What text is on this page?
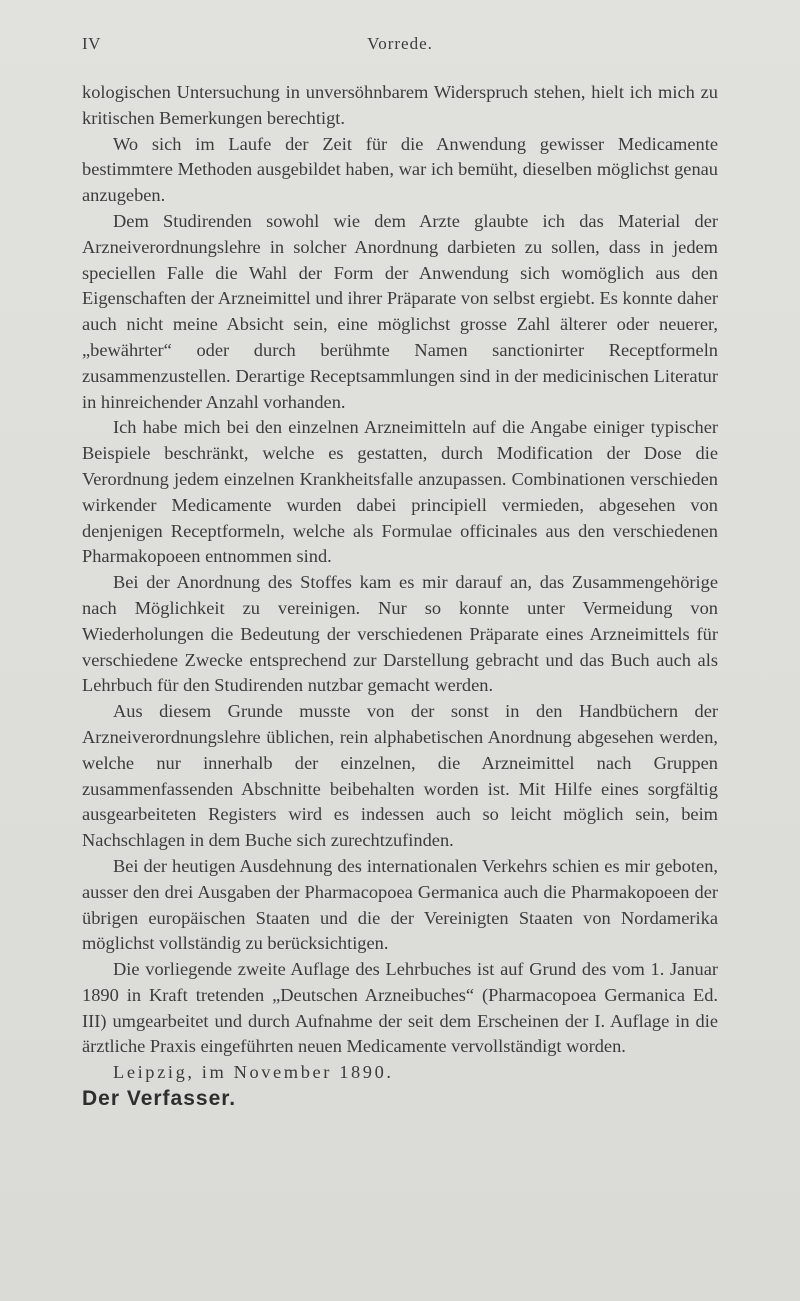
IV	Vorrede.

kologischen Untersuchung in unversöhnbarem Widerspruch stehen, hielt ich mich zu kritischen Bemerkungen berechtigt.

Wo sich im Laufe der Zeit für die Anwendung gewisser Medicamente bestimmtere Methoden ausgebildet haben, war ich bemüht, dieselben möglichst genau anzugeben.

Dem Studirenden sowohl wie dem Arzte glaubte ich das Material der Arzneiverordnungslehre in solcher Anordnung darbieten zu sollen, dass in jedem speciellen Falle die Wahl der Form der Anwendung sich womöglich aus den Eigenschaften der Arzneimittel und ihrer Präparate von selbst ergiebt. Es konnte daher auch nicht meine Absicht sein, eine möglichst grosse Zahl älterer oder neuerer, „bewährter“ oder durch berühmte Namen sanctionirter Receptformeln zusammenzustellen. Derartige Receptsammlungen sind in der medicinischen Literatur in hinreichender Anzahl vorhanden.

Ich habe mich bei den einzelnen Arzneimitteln auf die Angabe einiger typischer Beispiele beschränkt, welche es gestatten, durch Modification der Dose die Verordnung jedem einzelnen Krankheitsfalle anzupassen. Combinationen verschieden wirkender Medicamente wurden dabei principiell vermieden, abgesehen von denjenigen Receptformeln, welche als Formulae officinales aus den verschiedenen Pharmakopoeen entnommen sind.

Bei der Anordnung des Stoffes kam es mir darauf an, das Zusammengehörige nach Möglichkeit zu vereinigen. Nur so konnte unter Vermeidung von Wiederholungen die Bedeutung der verschiedenen Präparate eines Arzneimittels für verschiedene Zwecke entsprechend zur Darstellung gebracht und das Buch auch als Lehrbuch für den Studirenden nutzbar gemacht werden.

Aus diesem Grunde musste von der sonst in den Handbüchern der Arzneiverordnungslehre üblichen, rein alphabetischen Anordnung abgesehen werden, welche nur innerhalb der einzelnen, die Arzneimittel nach Gruppen zusammenfassenden Abschnitte beibehalten worden ist. Mit Hilfe eines sorgfältig ausgearbeiteten Registers wird es indessen auch so leicht möglich sein, beim Nachschlagen in dem Buche sich zurechtzufinden.

Bei der heutigen Ausdehnung des internationalen Verkehrs schien es mir geboten, ausser den drei Ausgaben der Pharmacopoea Germanica auch die Pharmakopoeen der übrigen europäischen Staaten und die der Vereinigten Staaten von Nordamerika möglichst vollständig zu berücksichtigen.

Die vorliegende zweite Auflage des Lehrbuches ist auf Grund des vom 1. Januar 1890 in Kraft tretenden „Deutschen Arzneibuches“ (Pharmacopoea Germanica Ed. III) umgearbeitet und durch Aufnahme der seit dem Erscheinen der I. Auflage in die ärztliche Praxis eingeführten neuen Medicamente vervollständigt worden.

Leipzig, im November 1890.

Der Verfasser.
